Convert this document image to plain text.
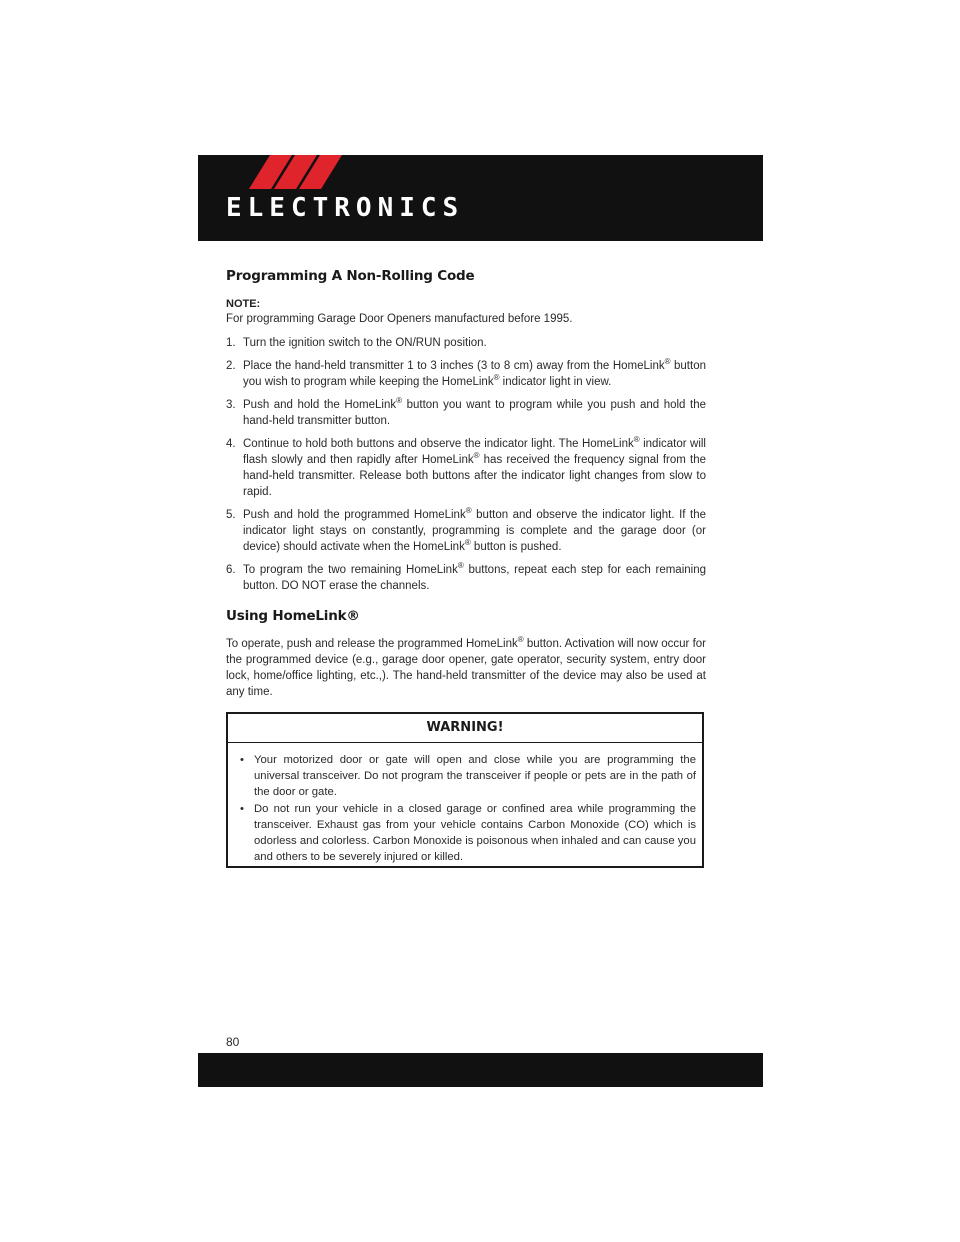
ELECTRONICS
Programming A Non-Rolling Code
NOTE:
For programming Garage Door Openers manufactured before 1995.
1. Turn the ignition switch to the ON/RUN position.
2. Place the hand-held transmitter 1 to 3 inches (3 to 8 cm) away from the HomeLink® button you wish to program while keeping the HomeLink® indicator light in view.
3. Push and hold the HomeLink® button you want to program while you push and hold the hand-held transmitter button.
4. Continue to hold both buttons and observe the indicator light. The HomeLink® indicator will flash slowly and then rapidly after HomeLink® has received the frequency signal from the hand-held transmitter. Release both buttons after the indicator light changes from slow to rapid.
5. Push and hold the programmed HomeLink® button and observe the indicator light. If the indicator light stays on constantly, programming is complete and the garage door (or device) should activate when the HomeLink® button is pushed.
6. To program the two remaining HomeLink® buttons, repeat each step for each remaining button. DO NOT erase the channels.
Using HomeLink®
To operate, push and release the programmed HomeLink® button. Activation will now occur for the programmed device (e.g., garage door opener, gate operator, security system, entry door lock, home/office lighting, etc.,). The hand-held transmitter of the device may also be used at any time.
WARNING!
• Your motorized door or gate will open and close while you are programming the universal transceiver. Do not program the transceiver if people or pets are in the path of the door or gate.
• Do not run your vehicle in a closed garage or confined area while programming the transceiver. Exhaust gas from your vehicle contains Carbon Monoxide (CO) which is odorless and colorless. Carbon Monoxide is poisonous when inhaled and can cause you and others to be severely injured or killed.
80
